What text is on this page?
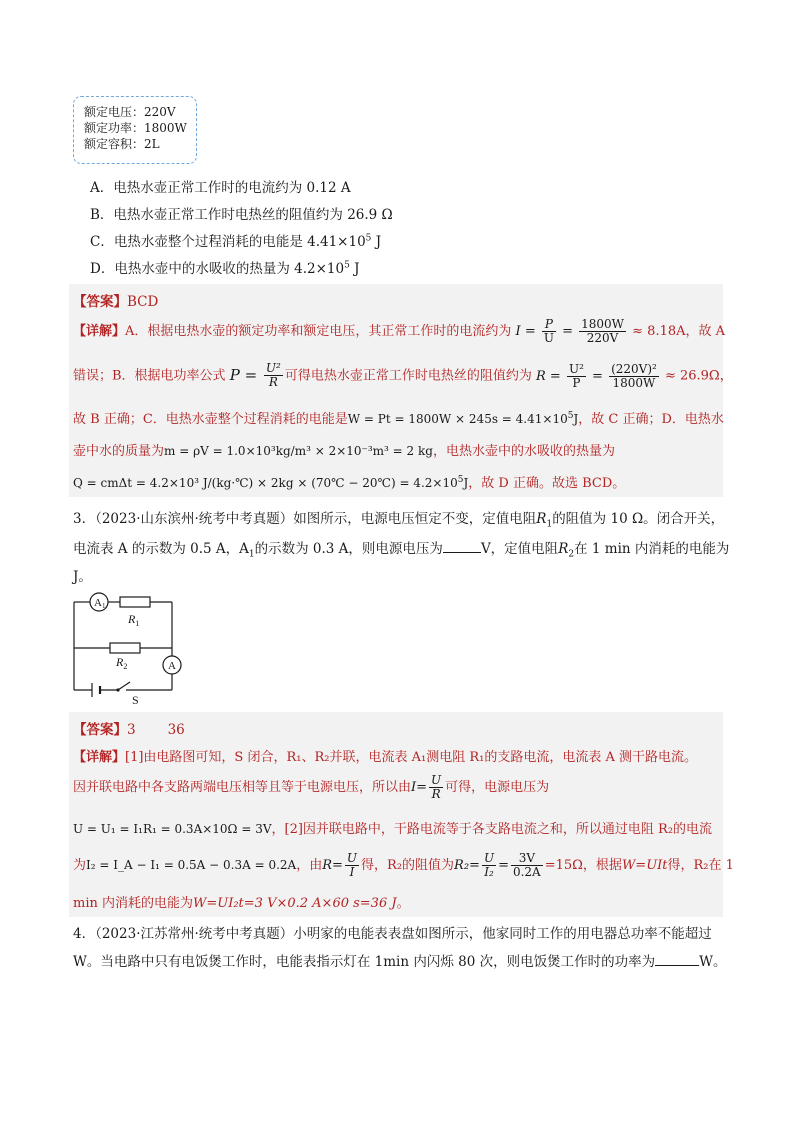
额定电压：220V
额定功率：1800W
额定容积：2L
A．电热水壶正常工作时的电流约为 0.12 A
B．电热水壶正常工作时电热丝的阻值约为 26.9 Ω
C．电热水壶整个过程消耗的电能是 $4.41\times 10^5$ J
D．电热水壶中的水吸收的热量为 $4.2\times 10^5$ J
【答案】BCD
【详解】A．根据电热水壶的额定功率和额定电压，其正常工作时的电流约为 $I = \frac{P}{U} = \frac{1800W}{220V} \approx 8.18A$，故 A
错误；B．根据电功率公式 $P = \frac{\text{U²}}{R}$ 可得电热水壶正常工作时电热丝的阻值约为 $R = \frac{\text{U²}}{P} = \frac{\text{(220V)²}}{1800W} \approx 26.9\Omega$，
故 B 正确；C．电热水壶整个过程消耗的电能是$W = Pt = 1800W \times 245s = 4.41\times 10^5J$，故 C 正确；D．电热水
壶中水的质量为m = ρV = 1.0×10³kg/m³ × 2×10⁻³m³ = 2 kg，电热水壶中的水吸收的热量为
Q = cmΔt = 4.2×10³ J/(kg·℃) × 2kg × (70℃ − 20℃) = $4.2\times 10^5J$，故 D 正确。故选 BCD。
3．（2023·山东滨州·统考中考真题）如图所示，电源电压恒定不变，定值电阻$R_1$的阻值为 10 Ω。闭合开关，
电流表 A 的示数为 0.5 A，$A_1$的示数为 0.3 A，则电源电压为	V，定值电阻$R_2$在 1 min 内消耗的电能为
J。
A1
$R_1$
$R_2$	A
S
【答案】3 36
【详解】[1]由电路图可知，S 闭合，R₁、R₂并联，电流表 A₁测电阻 R₁的支路电流，电流表 A 测干路电流。
因并联电路中各支路两端电压相等且等于电源电压，所以由$I= \frac{U}{R}$ 可得，电源电压为
U = U₁ = I₁R₁ = 0.3A×10Ω = 3V，[2]因并联电路中，干路电流等于各支路电流之和，所以通过电阻 R₂的电流
为I₂ = I_A − I₁ = 0.5A − 0.3A = 0.2A，由$R= \frac{U}{I}$ 得，R₂的阻值为$R_2= \frac{U}{\text{I₂}} = \frac{3V}{0.2A} =15\Omega$，根据W=UIt得，R₂在 1
min 内消耗的电能为W=UI₂t=3 V×0.2 A×60 s=36 J。
4．（2023·江苏常州·统考中考真题）小明家的电能表表盘如图所示，他家同时工作的用电器总功率不能超过
W。当电路中只有电饭煲工作时，电能表指示灯在 1min 内闪烁 80 次，则电饭煲工作时的功率为	W。
